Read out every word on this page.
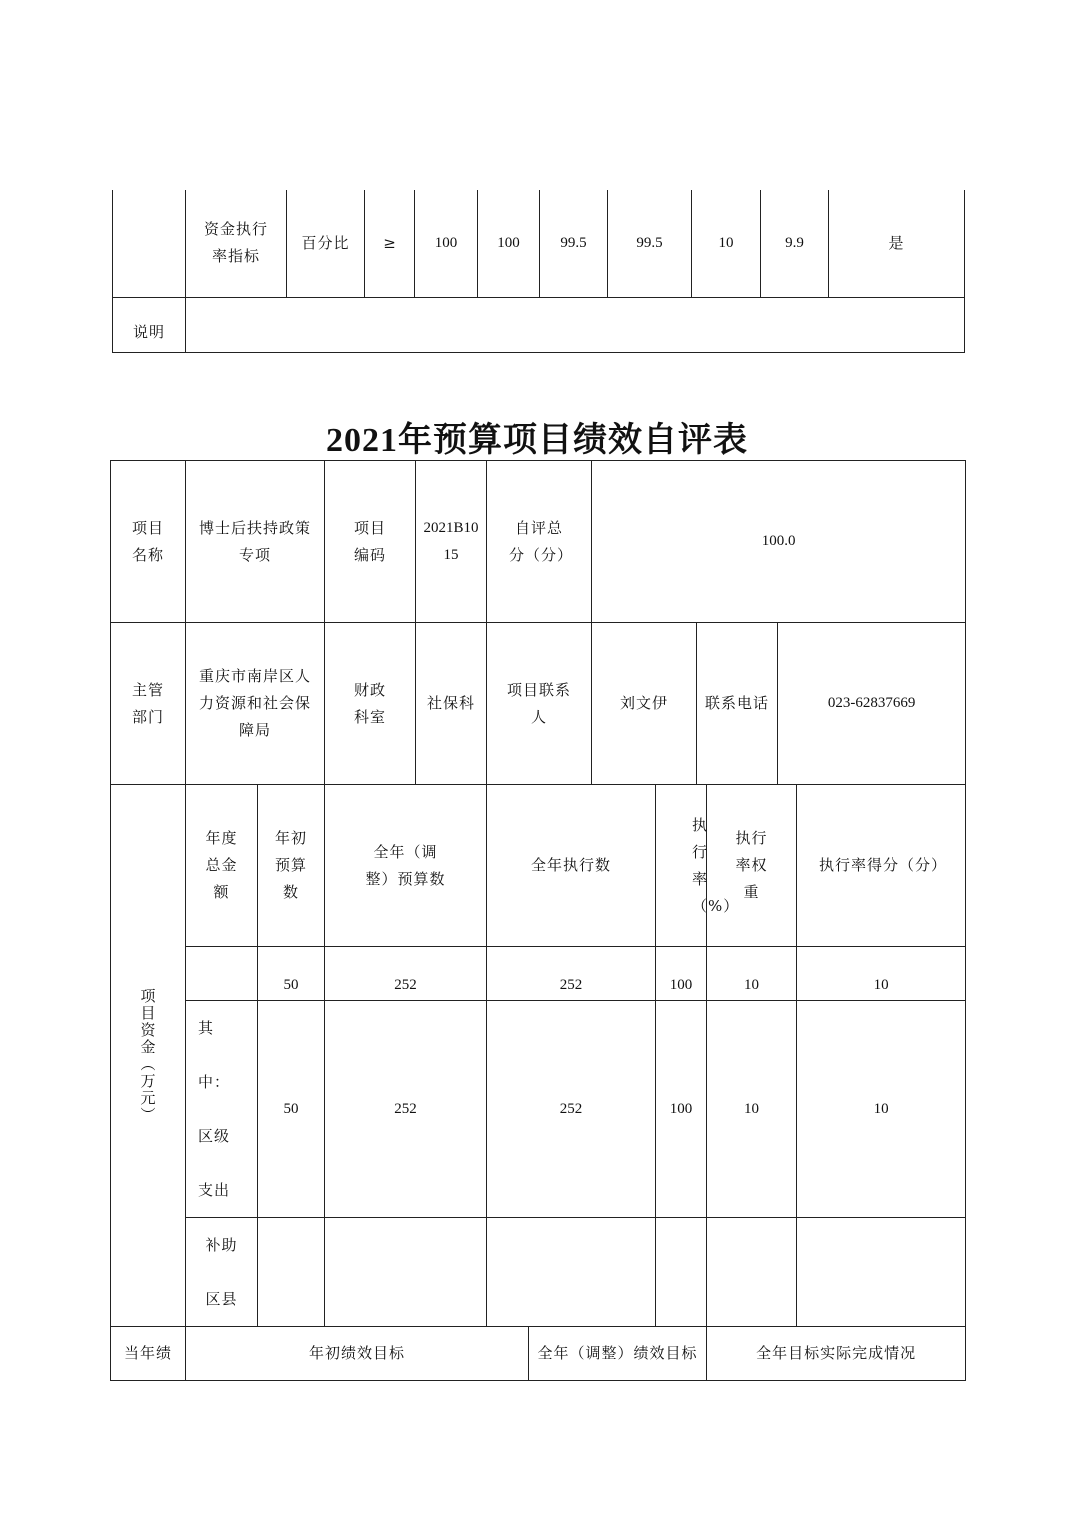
	资金执行率指标	百分比	≥	100	100	99.5	99.5	10	9.9	是
说明										
2021年预算项目绩效自评表
项目名称	博士后扶持政策专项		项目编码	2021B1015	自评总分（分）		100.0					
主管部门	重庆市南岸区人力资源和社会保障局		财政科室	社保科	项目联系人		刘文伊		联系电话		023-62837669	

项目资金（万元）	年度总金额	年初预算数	全年（调整）预算数		全年执行数			执行率（%）		执行率权重		执行率得分（分）
		50	252		252			100		10		10
	其中：区级支出	50	252		252			100		10		10
	补助区县											
当年绩	年初绩效目标					全年（调整）绩效目标				全年目标实际完成情况		
